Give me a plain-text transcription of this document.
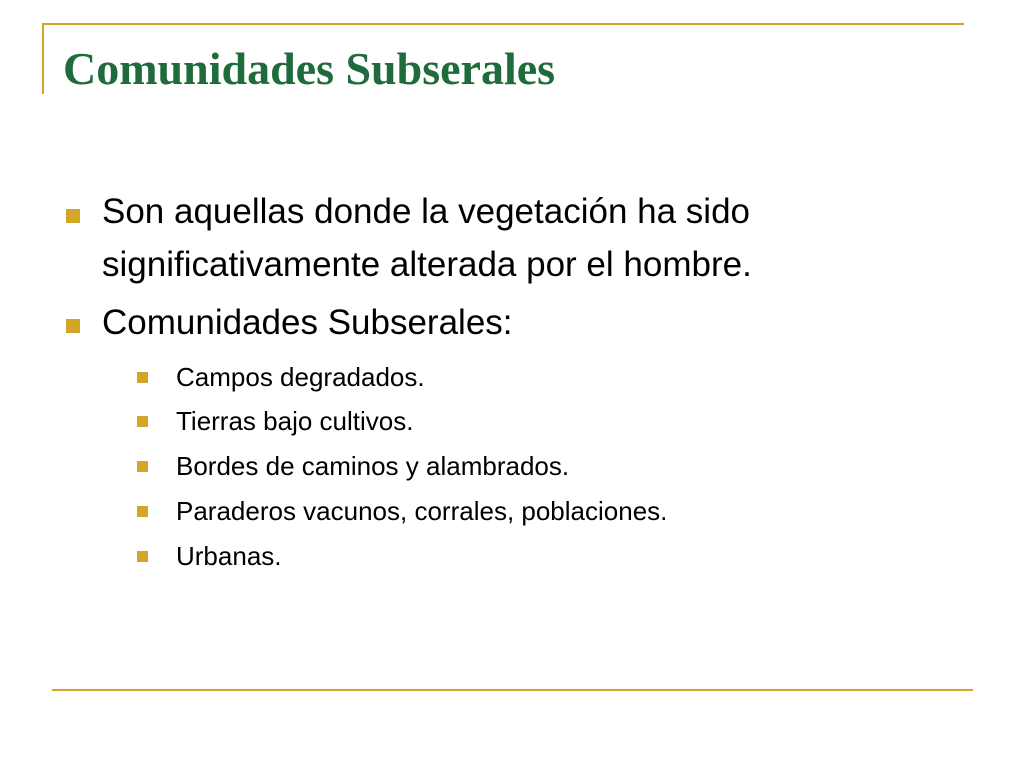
Comunidades Subserales

Son aquellas donde la vegetación ha sido

significativamente alterada por el hombre.

Comunidades Subserales:

Campos degradados.

Tierras bajo cultivos.

Bordes de caminos y alambrados.

Paraderos vacunos, corrales, poblaciones.

Urbanas.
